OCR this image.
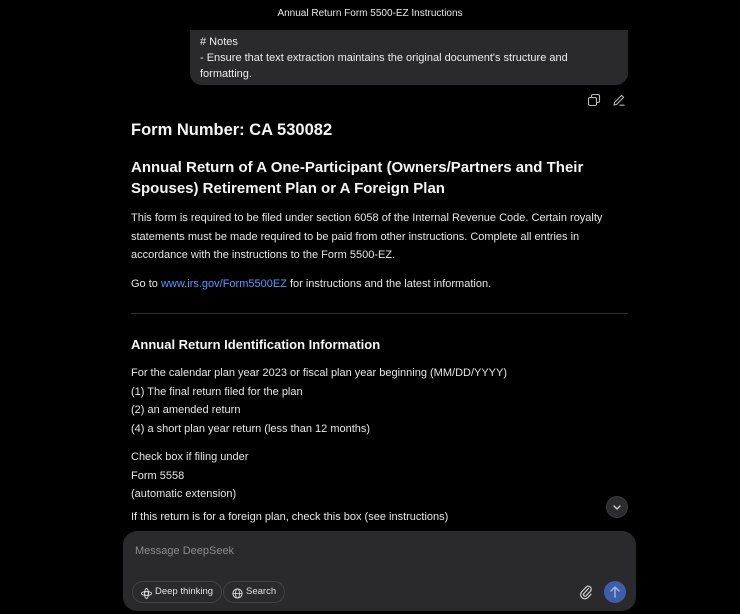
Annual Return Form 5500-EZ Instructions

# Notes

- Ensure that text extraction maintains the original document's structure and formatting.

Form Number: CA 530082
Annual Return of A One-Participant (Owners/Partners and Their Spouses) Retirement Plan or A Foreign Plan

This form is required to be filed under section 6058 of the Internal Revenue Code. Certain royalty statements must be made required to be paid from other instructions. Complete all entries in accordance with the instructions to the Form 5500-EZ.

Go to www.irs.gov/Form5500EZ for instructions and the latest information.

Annual Return Identification Information
For the calendar plan year 2023 or fiscal plan year beginning (MM/DD/YYYY)
(1) The final return filed for the plan
(2) an amended return
(4) a short plan year return (less than 12 months)
Check box if filing under
Form 5558
(automatic extension)
If this return is for a foreign plan, check this box (see instructions)
Message DeepSeek
Deep thinking	Search
